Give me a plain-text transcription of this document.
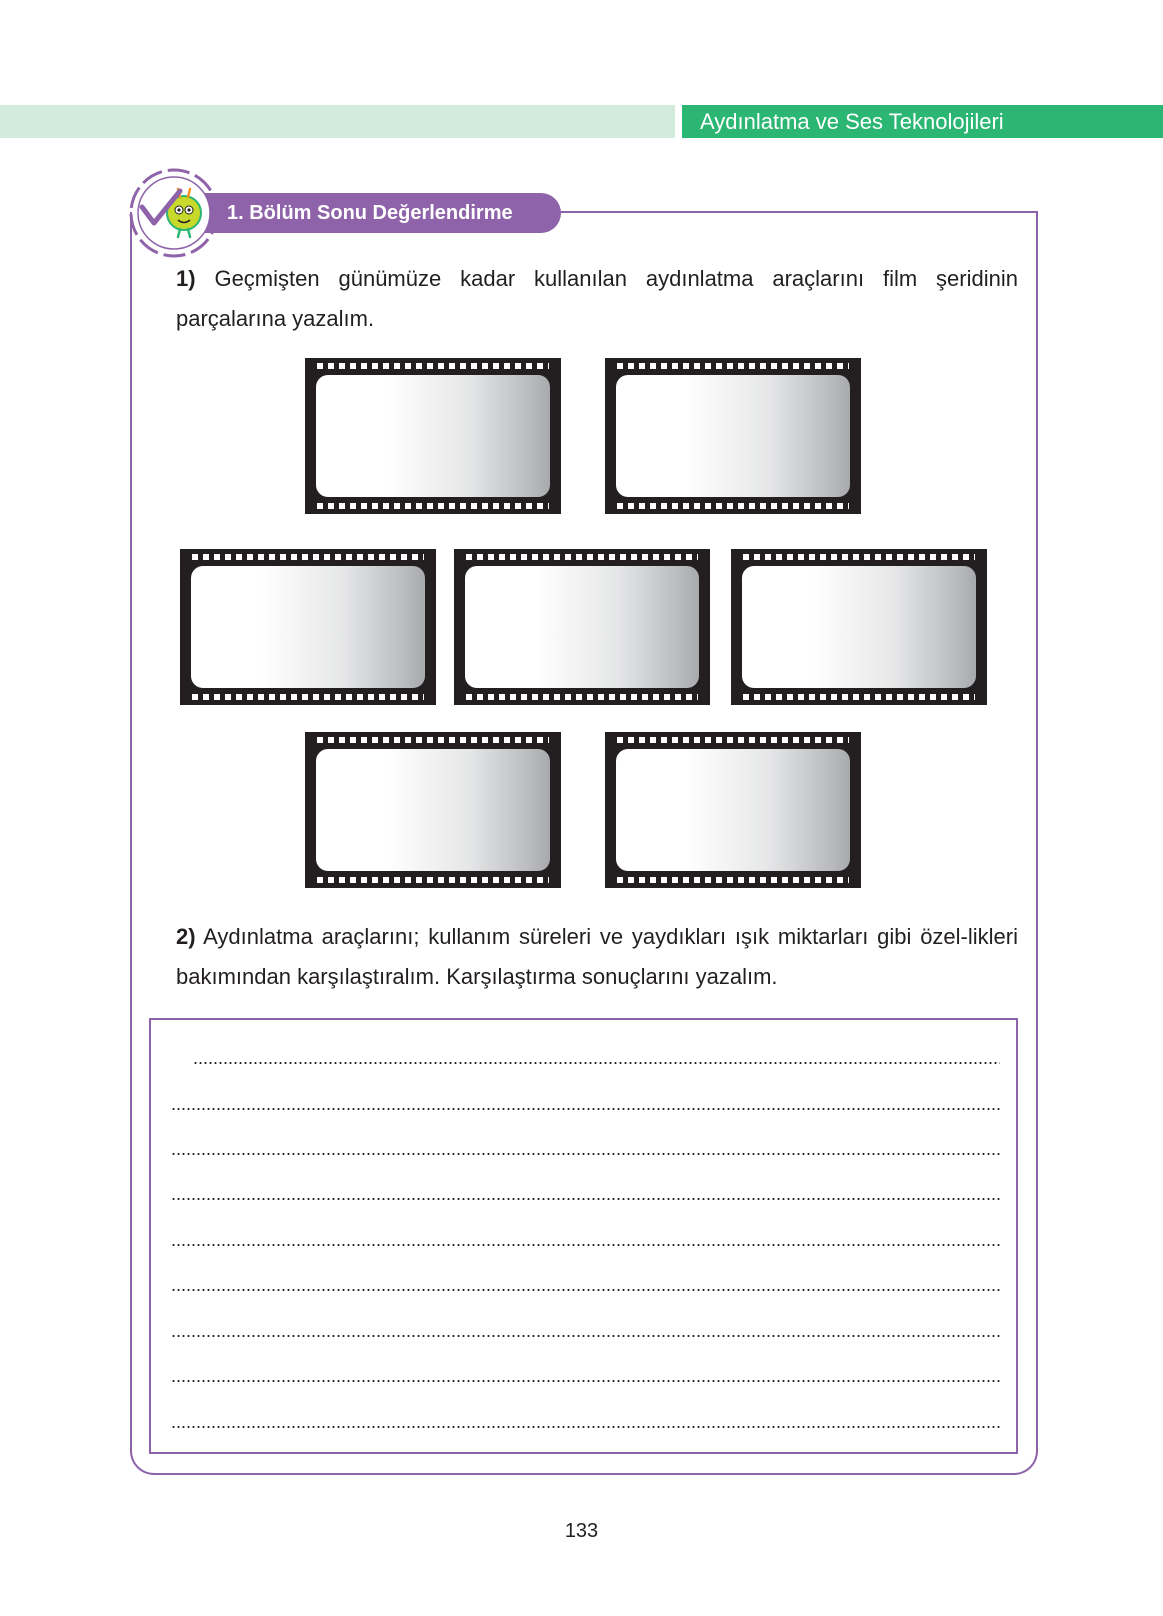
Aydınlatma ve Ses Teknolojileri
1. Bölüm Sonu Değerlendirme
1) Geçmişten günümüze kadar kullanılan aydınlatma araçlarını film şeridinin parçalarına yazalım.
2) Aydınlatma araçlarını; kullanım süreleri ve yaydıkları ışık miktarları gibi özel-likleri bakımından karşılaştıralım. Karşılaştırma sonuçlarını yazalım.
133
